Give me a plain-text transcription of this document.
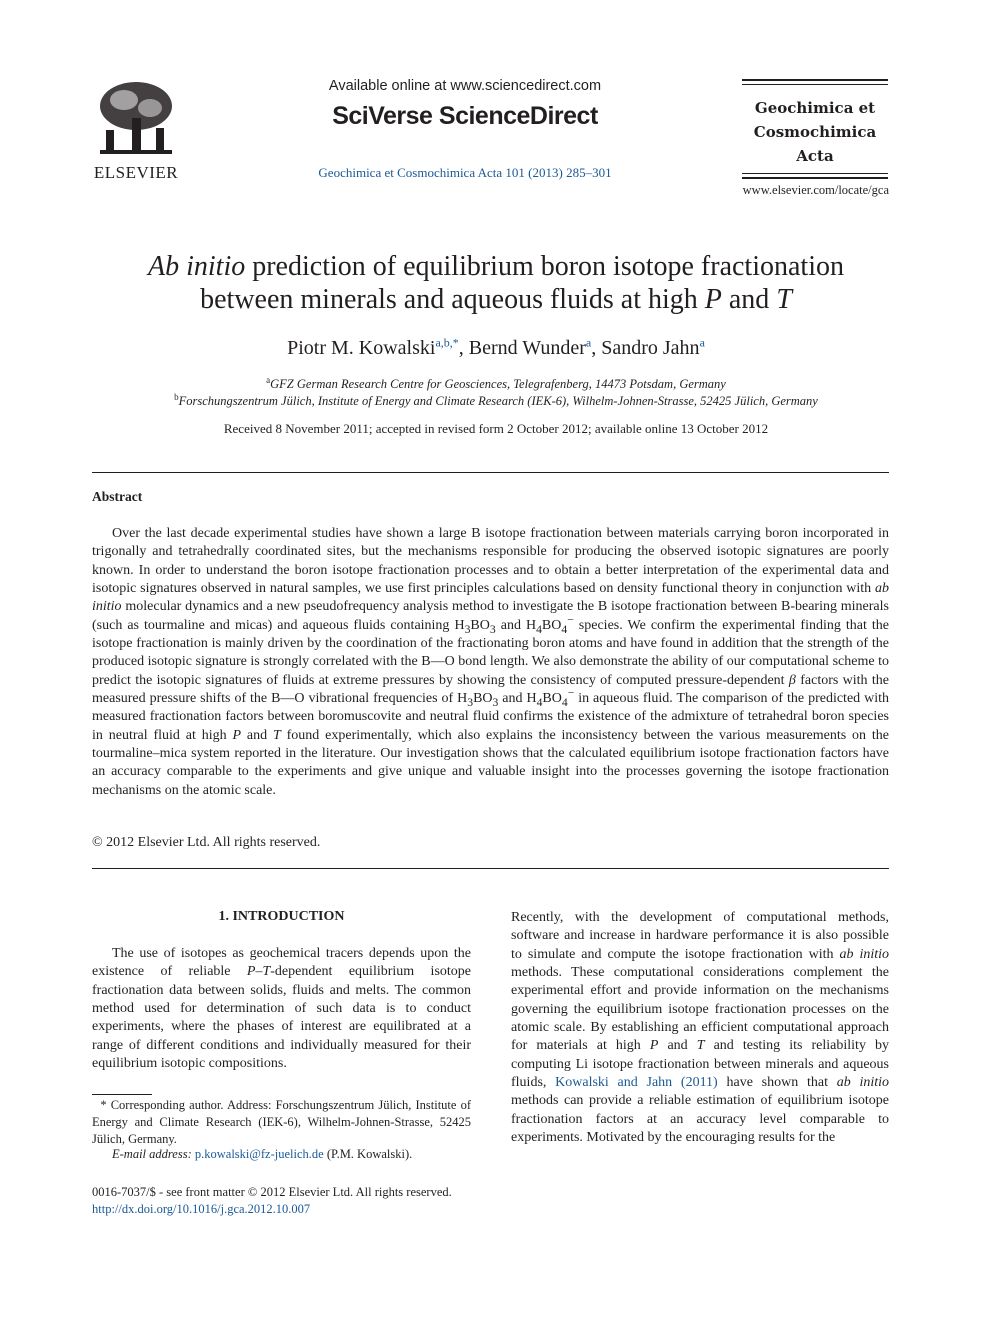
ELSEVIER
Available online at www.sciencedirect.com
SciVerse ScienceDirect
Geochimica et Cosmochimica Acta 101 (2013) 285–301
Geochimica et
Cosmochimica
Acta
www.elsevier.com/locate/gca
Ab initio prediction of equilibrium boron isotope fractionation
between minerals and aqueous fluids at high P and T
Piotr M. Kowalski$^{a,b,*}$, Bernd Wunder$^a$, Sandro Jahn$^a$
$^a$GFZ German Research Centre for Geosciences, Telegrafenberg, 14473 Potsdam, Germany
$^b$Forschungszentrum Jülich, Institute of Energy and Climate Research (IEK-6), Wilhelm-Johnen-Strasse, 52425 Jülich, Germany
Received 8 November 2011; accepted in revised form 2 October 2012; available online 13 October 2012
Abstract

Over the last decade experimental studies have shown a large B isotope fractionation between materials carrying boron incorporated in trigonally and tetrahedrally coordinated sites, but the mechanisms responsible for producing the observed isotopic signatures are poorly known. In order to understand the boron isotope fractionation processes and to obtain a better interpretation of the experimental data and isotopic signatures observed in natural samples, we use first principles calculations based on density functional theory in conjunction with ab initio molecular dynamics and a new pseudofrequency analysis method to investigate the B isotope fractionation between B-bearing minerals (such as tourmaline and micas) and aqueous fluids containing $H_3BO_3$ and $H_4BO_4^-$ species. We confirm the experimental finding that the isotope fractionation is mainly driven by the coordination of the fractionating boron atoms and have found in addition that the strength of the produced isotopic signature is strongly correlated with the B—O bond length. We also demonstrate the ability of our computational scheme to predict the isotopic signatures of fluids at extreme pressures by showing the consistency of computed pressure-dependent β factors with the measured pressure shifts of the B—O vibrational frequencies of $H_3BO_3$ and $H_4BO_4^-$ in aqueous fluid. The comparison of the predicted with measured fractionation factors between boromuscovite and neutral fluid confirms the existence of the admixture of tetrahedral boron species in neutral fluid at high P and T found experimentally, which also explains the inconsistency between the various measurements on the tourmaline–mica system reported in the literature. Our investigation shows that the calculated equilibrium isotope fractionation factors have an accuracy comparable to the experiments and give unique and valuable insight into the processes governing the isotope fractionation mechanisms on the atomic scale.

© 2012 Elsevier Ltd. All rights reserved.
1. INTRODUCTION

The use of isotopes as geochemical tracers depends upon the existence of reliable P–T-dependent equilibrium isotope fractionation data between solids, fluids and melts. The common method used for determination of such data is to conduct experiments, where the phases of interest are equilibrated at a range of different conditions and individually measured for their equilibrium isotopic compositions.

Recently, with the development of computational methods, software and increase in hardware performance it is also possible to simulate and compute the isotope fractionation with ab initio methods. These computational considerations complement the experimental effort and provide information on the mechanisms governing the equilibrium isotope fractionation processes on the atomic scale. By establishing an efficient computational approach for materials at high P and T and testing its reliability by computing Li isotope fractionation between minerals and aqueous fluids, Kowalski and Jahn (2011) have shown that ab initio methods can provide a reliable estimation of equilibrium isotope fractionation factors at an accuracy level comparable to experiments. Motivated by the encouraging results for the

* Corresponding author. Address: Forschungszentrum Jülich, Institute of Energy and Climate Research (IEK-6), Wilhelm-Johnen-Strasse, 52425 Jülich, Germany.

E-mail address: p.kowalski@fz-juelich.de (P.M. Kowalski).
0016-7037/$ - see front matter © 2012 Elsevier Ltd. All rights reserved.
http://dx.doi.org/10.1016/j.gca.2012.10.007
